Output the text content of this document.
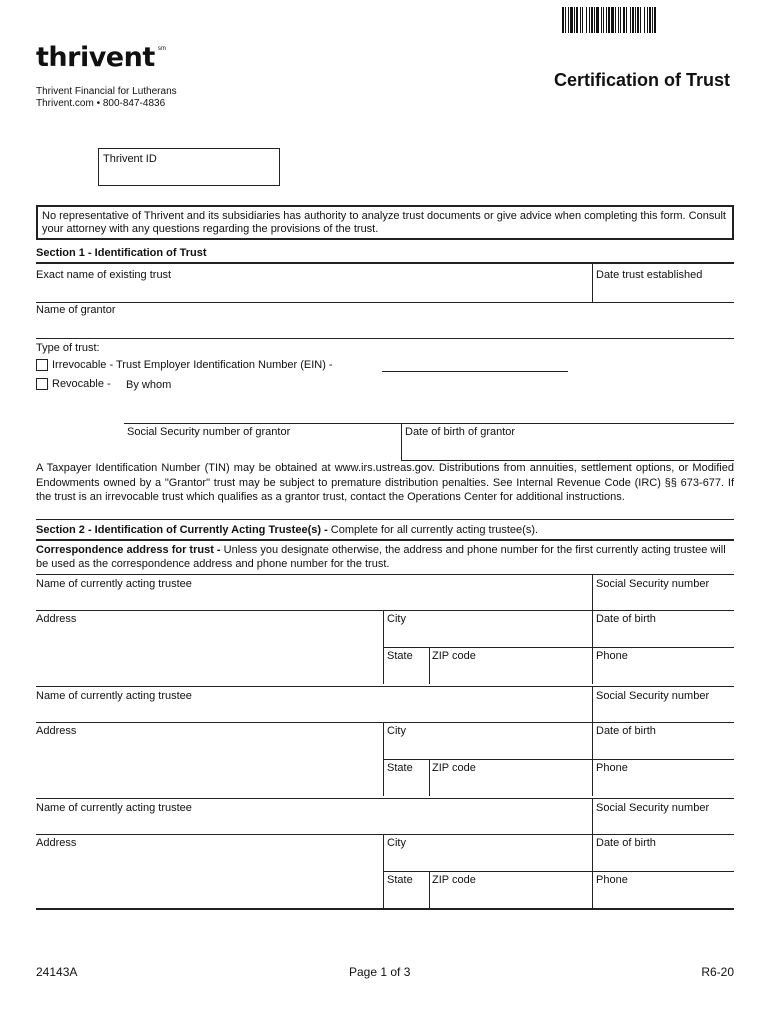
thrivent $^{sm}$
Thrivent Financial for Lutherans
Thrivent.com • 800-847-4836
Certification of Trust
Thrivent ID
No representative of Thrivent and its subsidiaries has authority to analyze trust documents or give advice when completing this form. Consult your attorney with any questions regarding the provisions of the trust.
Section 1 - Identification of Trust
Exact name of existing trust	Date trust established
Name of grantor
Type of trust:
Irrevocable - Trust Employer Identification Number (EIN) -
Revocable - By whom
Social Security number of grantor	Date of birth of grantor
A Taxpayer Identification Number (TIN) may be obtained at www.irs.ustreas.gov. Distributions from annuities, settlement options, or Modified Endowments owned by a "Grantor" trust may be subject to premature distribution penalties. See Internal Revenue Code (IRC) §§ 673-677. If the trust is an irrevocable trust which qualifies as a grantor trust, contact the Operations Center for additional instructions.
Section 2 - Identification of Currently Acting Trustee(s) - Complete for all currently acting trustee(s).
Correspondence address for trust - Unless you designate otherwise, the address and phone number for the first currently acting trustee will be used as the correspondence address and phone number for the trust.
Name of currently acting trustee	Social Security number
Address	City	Date of birth
State ZIP code	Phone
Name of currently acting trustee	Social Security number
Address	City	Date of birth
State ZIP code	Phone
Name of currently acting trustee	Social Security number
Address	City	Date of birth
State ZIP code	Phone
24143A	Page 1 of 3	R6-20
